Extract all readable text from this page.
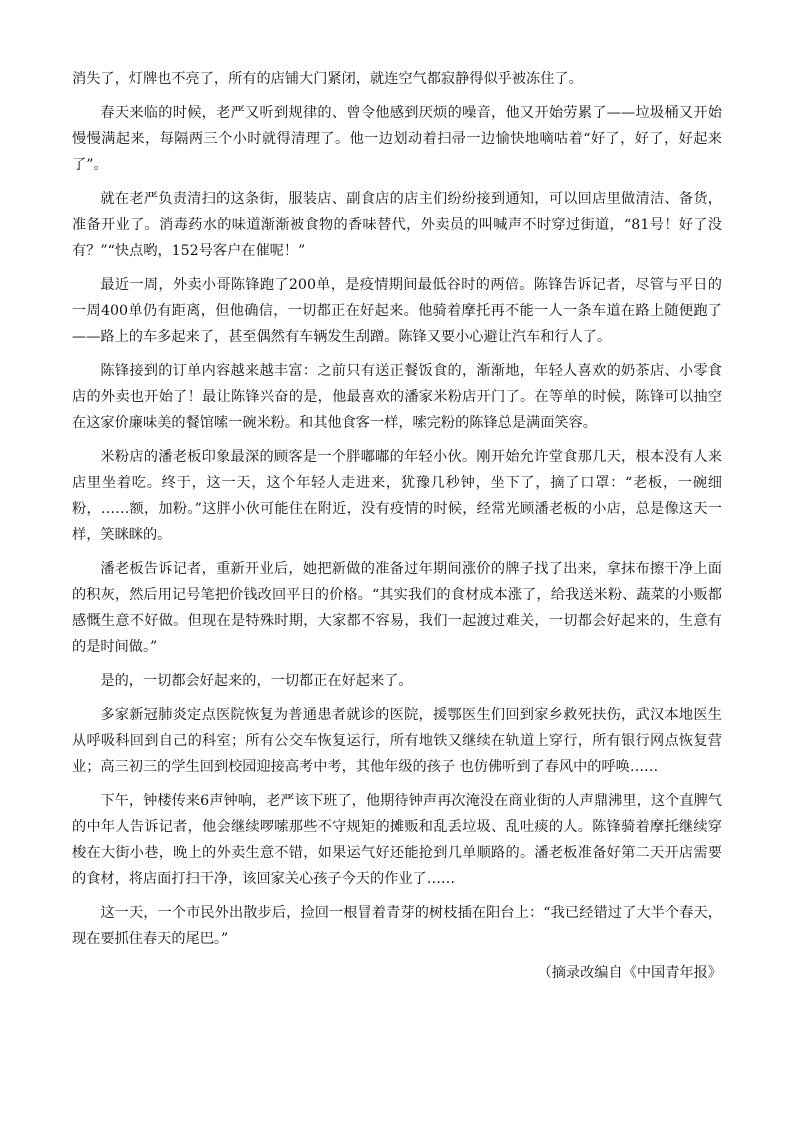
消失了，灯牌也不亮了，所有的店铺大门紧闭，就连空气都寂静得似乎被冻住了。

春天来临的时候，老严又听到规律的、曾令他感到厌烦的噪音，他又开始劳累了——垃圾桶又开始慢慢满起来，每隔两三个小时就得清理了。他一边划动着扫帚一边愉快地嘀咕着“好了，好了，好起来了”。

就在老严负责清扫的这条街，服装店、副食店的店主们纷纷接到通知，可以回店里做清洁、备货，准备开业了。消毒药水的味道渐渐被食物的香味替代，外卖员的叫喊声不时穿过街道，“81号！好了没有？”“快点哟，152号客户在催呢！”

最近一周，外卖小哥陈锋跑了200单，是疫情期间最低谷时的两倍。陈锋告诉记者，尽管与平日的一周400单仍有距离，但他确信，一切都正在好起来。他骑着摩托再不能一人一条车道在路上随便跑了——路上的车多起来了，甚至偶然有车辆发生刮蹭。陈锋又要小心避让汽车和行人了。

陈锋接到的订单内容越来越丰富：之前只有送正餐饭食的，渐渐地，年轻人喜欢的奶茶店、小零食店的外卖也开始了！最让陈锋兴奋的是，他最喜欢的潘家米粉店开门了。在等单的时候，陈锋可以抽空在这家价廉味美的餐馆嗦一碗米粉。和其他食客一样，嗦完粉的陈锋总是满面笑容。

米粉店的潘老板印象最深的顾客是一个胖嘟嘟的年轻小伙。刚开始允许堂食那几天，根本没有人来店里坐着吃。终于，这一天，这个年轻人走进来，犹豫几秒钟，坐下了，摘了口罩：“老板，一碗细粉，……额，加粉。”这胖小伙可能住在附近，没有疫情的时候，经常光顾潘老板的小店，总是像这天一样，笑眯眯的。

潘老板告诉记者，重新开业后，她把新做的准备过年期间涨价的牌子找了出来，拿抹布擦干净上面的积灰，然后用记号笔把价钱改回平日的价格。“其实我们的食材成本涨了，给我送米粉、蔬菜的小贩都感慨生意不好做。但现在是特殊时期，大家都不容易，我们一起渡过难关，一切都会好起来的，生意有的是时间做。”

是的，一切都会好起来的，一切都正在好起来了。

多家新冠肺炎定点医院恢复为普通患者就诊的医院，援鄂医生们回到家乡救死扶伤，武汉本地医生从呼吸科回到自己的科室；所有公交车恢复运行，所有地铁又继续在轨道上穿行，所有银行网点恢复营业；高三初三的学生回到校园迎接高考中考，其他年级的孩子 也仿佛听到了春风中的呼唤……

下午，钟楼传来6声钟响，老严该下班了，他期待钟声再次淹没在商业街的人声鼎沸里，这个直脾气的中年人告诉记者，他会继续啰嗦那些不守规矩的摊贩和乱丢垃圾、乱吐痰的人。陈锋骑着摩托继续穿梭在大街小巷，晚上的外卖生意不错，如果运气好还能抢到几单顺路的。潘老板准备好第二天开店需要的食材，将店面打扫干净，该回家关心孩子今天的作业了……

这一天，一个市民外出散步后，捡回一根冒着青芽的树枝插在阳台上：“我已经错过了大半个春天，现在要抓住春天的尾巴。”

（摘录改编自《中国青年报》
